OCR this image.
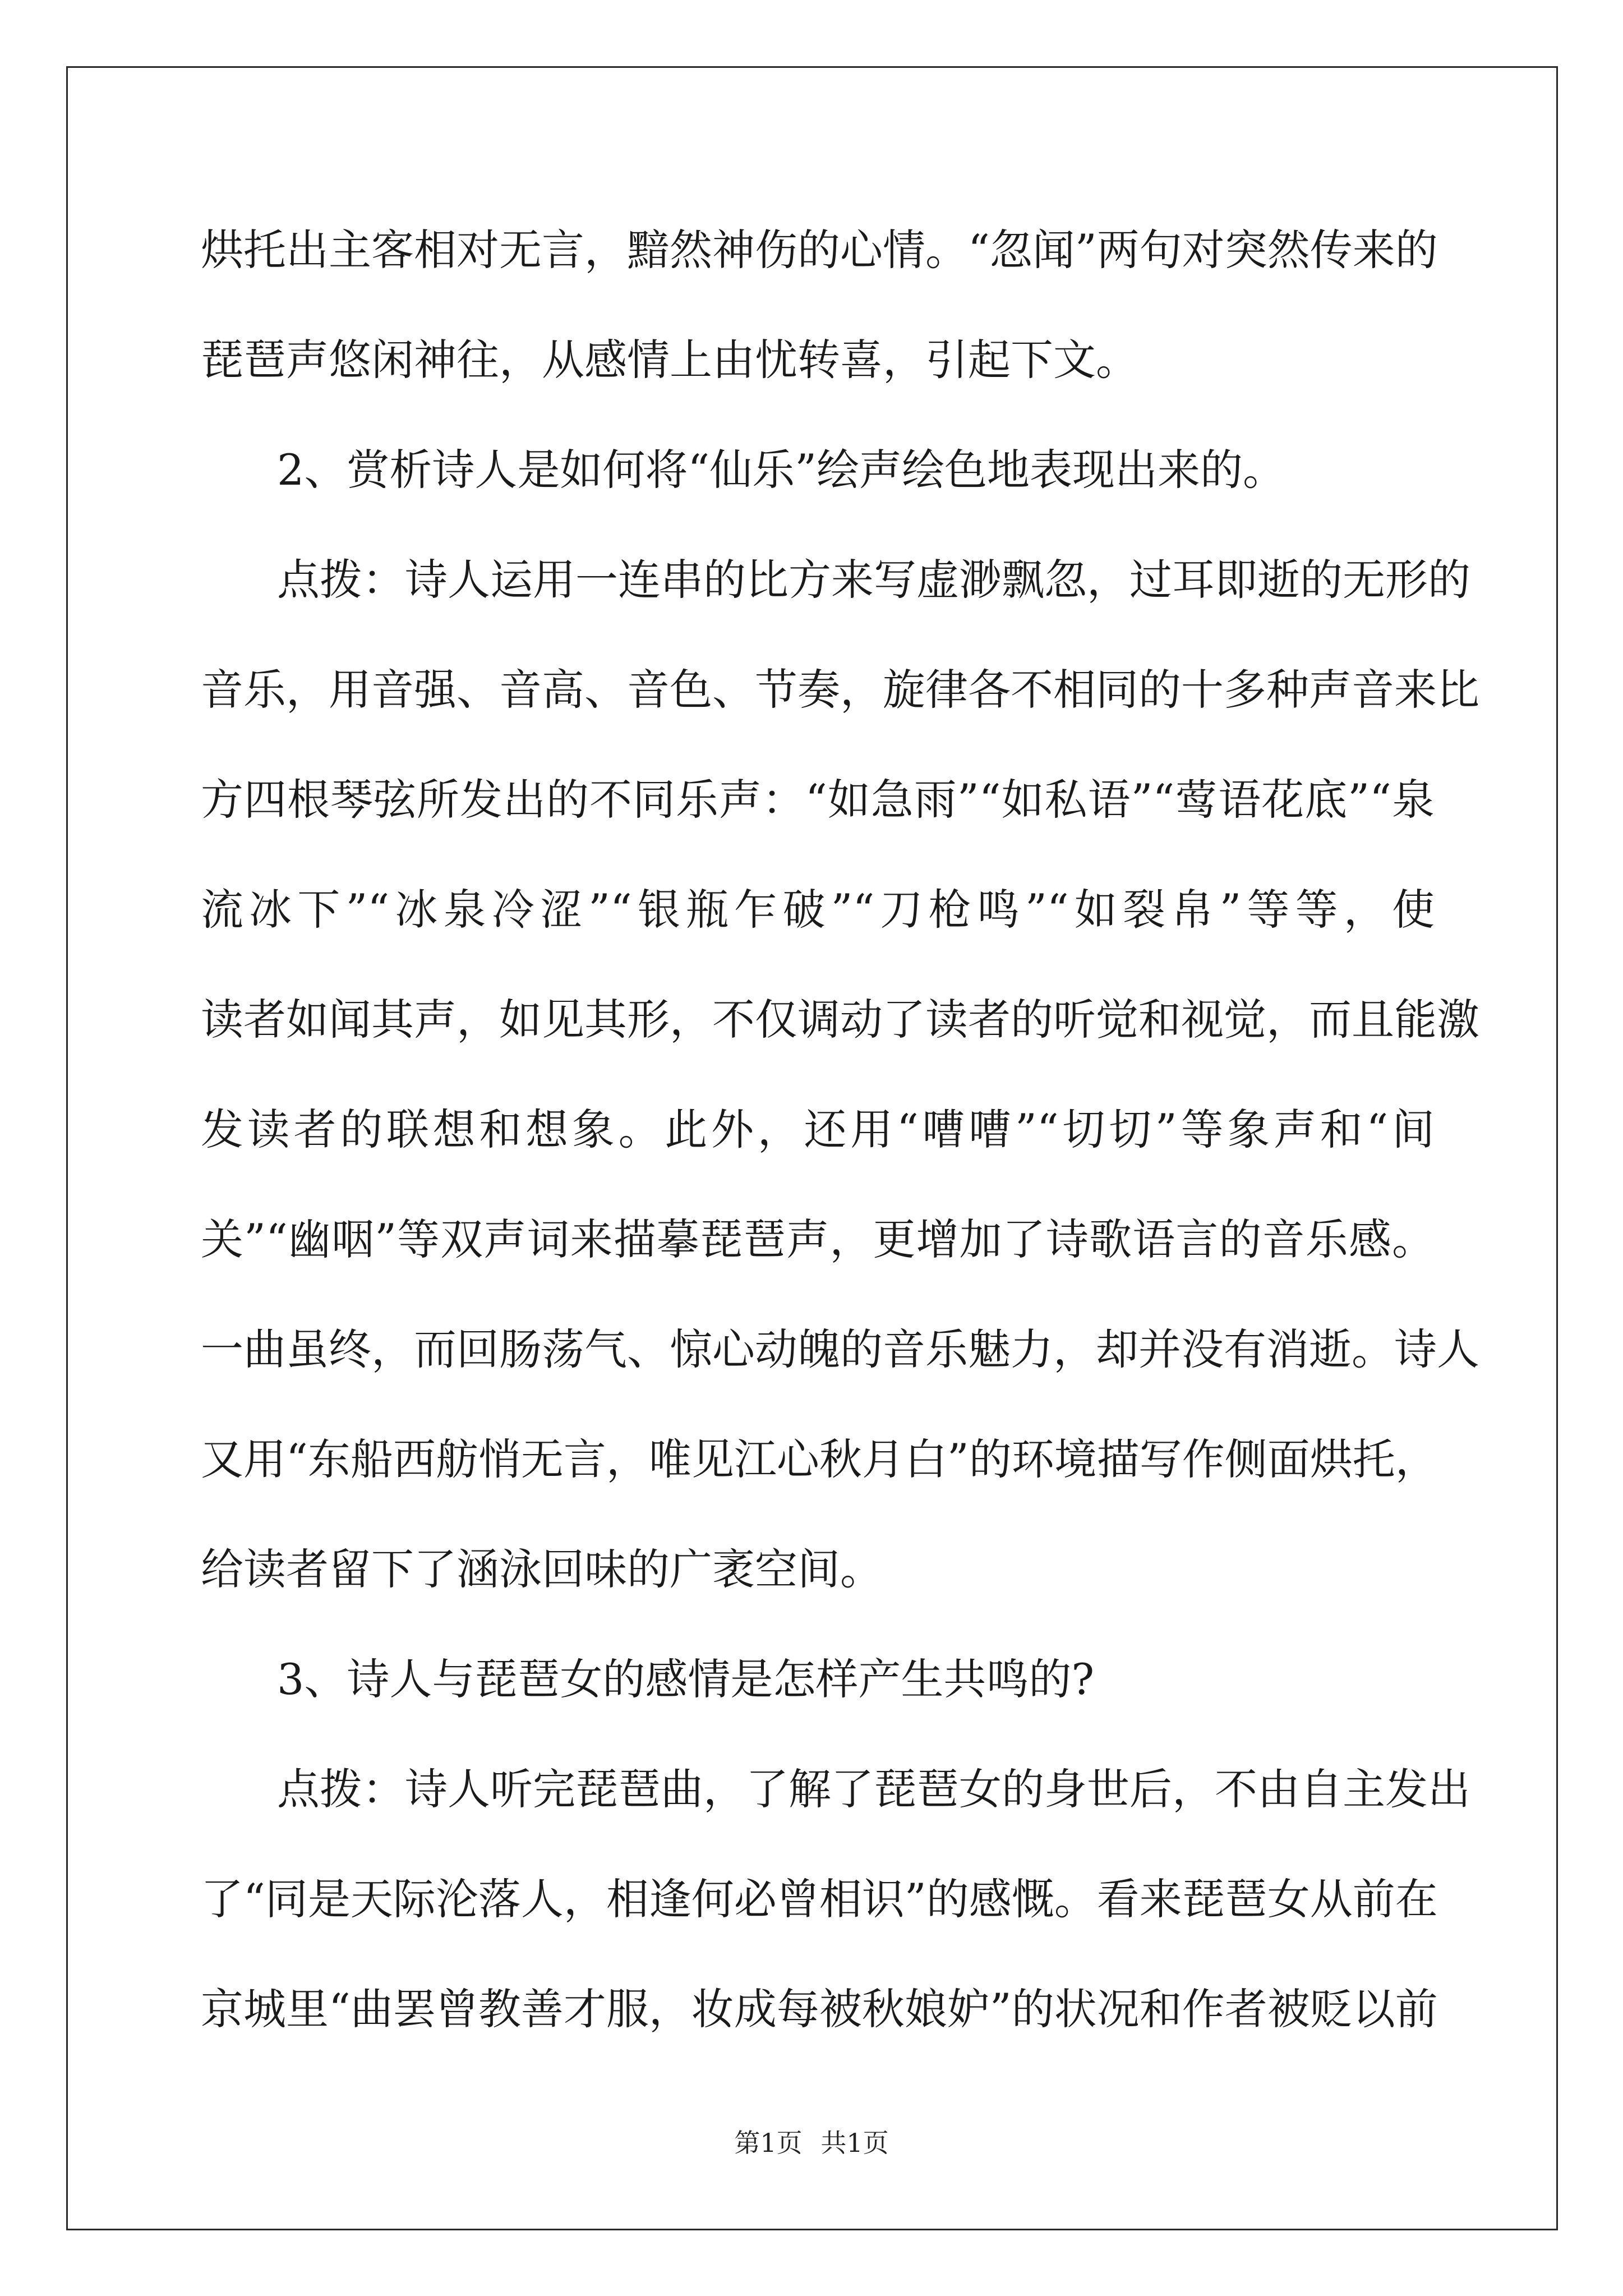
烘托出主客相对无言，黯然神伤的心情。“忽闻”两句对突然传来的
琵琶声悠闲神往，从感情上由忧转喜，引起下文。
2、赏析诗人是如何将“仙乐”绘声绘色地表现出来的。
点拨：诗人运用一连串的比方来写虚渺飘忽，过耳即逝的无形的
音乐，用音强、音高、音色、节奏，旋律各不相同的十多种声音来比
方四根琴弦所发出的不同乐声：“如急雨”“如私语”“莺语花底”“泉
流冰下”“冰泉冷涩”“银瓶乍破”“刀枪鸣”“如裂帛”等等，使
读者如闻其声，如见其形，不仅调动了读者的听觉和视觉，而且能激
发读者的联想和想象。此外，还用“嘈嘈”“切切”等象声和“间
关”“幽咽”等双声词来描摹琵琶声，更增加了诗歌语言的音乐感。
一曲虽终，而回肠荡气、惊心动魄的音乐魅力，却并没有消逝。诗人
又用“东船西舫悄无言，唯见江心秋月白”的环境描写作侧面烘托，
给读者留下了涵泳回味的广袤空间。
3、诗人与琵琶女的感情是怎样产生共鸣的?
点拨：诗人听完琵琶曲，了解了琵琶女的身世后，不由自主发出
了“同是天际沦落人，相逢何必曾相识”的感慨。看来琵琶女从前在
京城里“曲罢曾教善才服，妆成每被秋娘妒”的状况和作者被贬以前
第1页 共1页
